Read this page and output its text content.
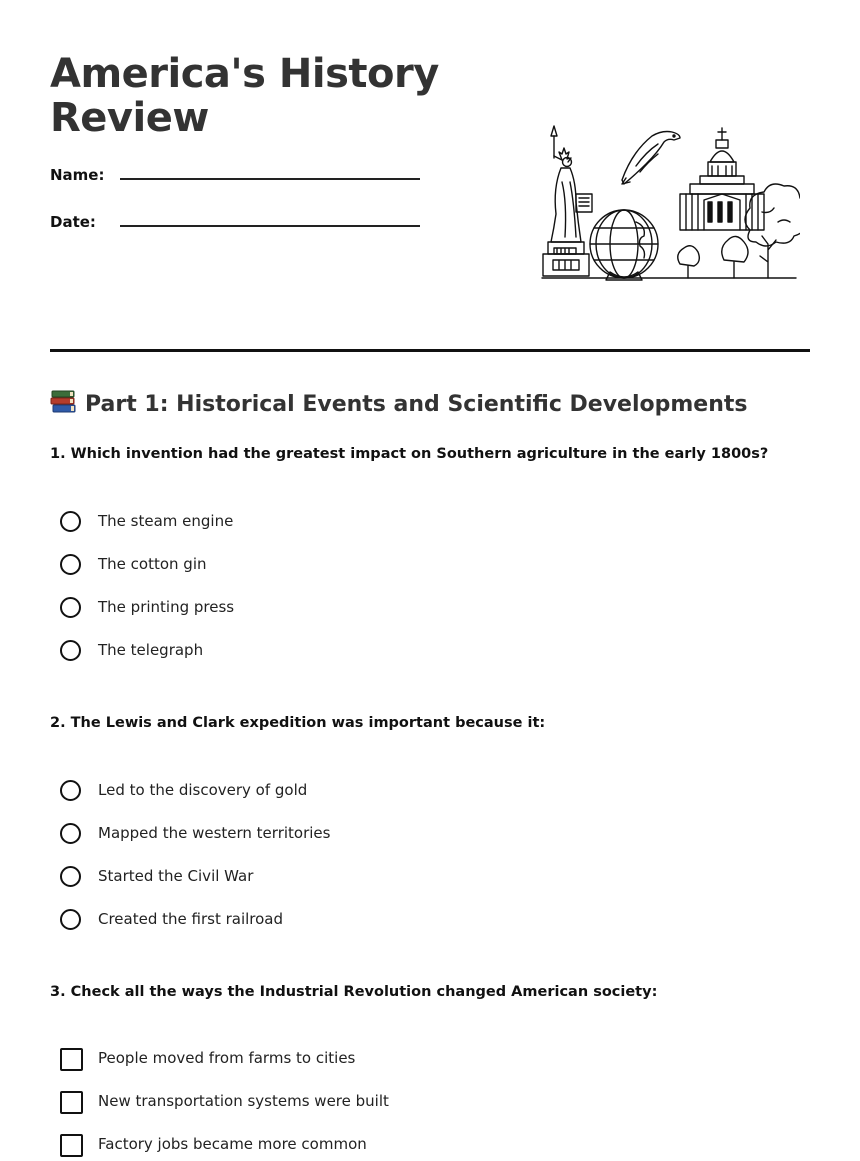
America's History
Review
Name:
Date:
Part 1: Historical Events and Scientific Developments

1. Which invention had the greatest impact on Southern agriculture in the early 1800s?

The steam engine
The cotton gin
The printing press
The telegraph

2. The Lewis and Clark expedition was important because it:

Led to the discovery of gold
Mapped the western territories
Started the Civil War
Created the first railroad

3. Check all the ways the Industrial Revolution changed American society:

People moved from farms to cities
New transportation systems were built
Factory jobs became more common
